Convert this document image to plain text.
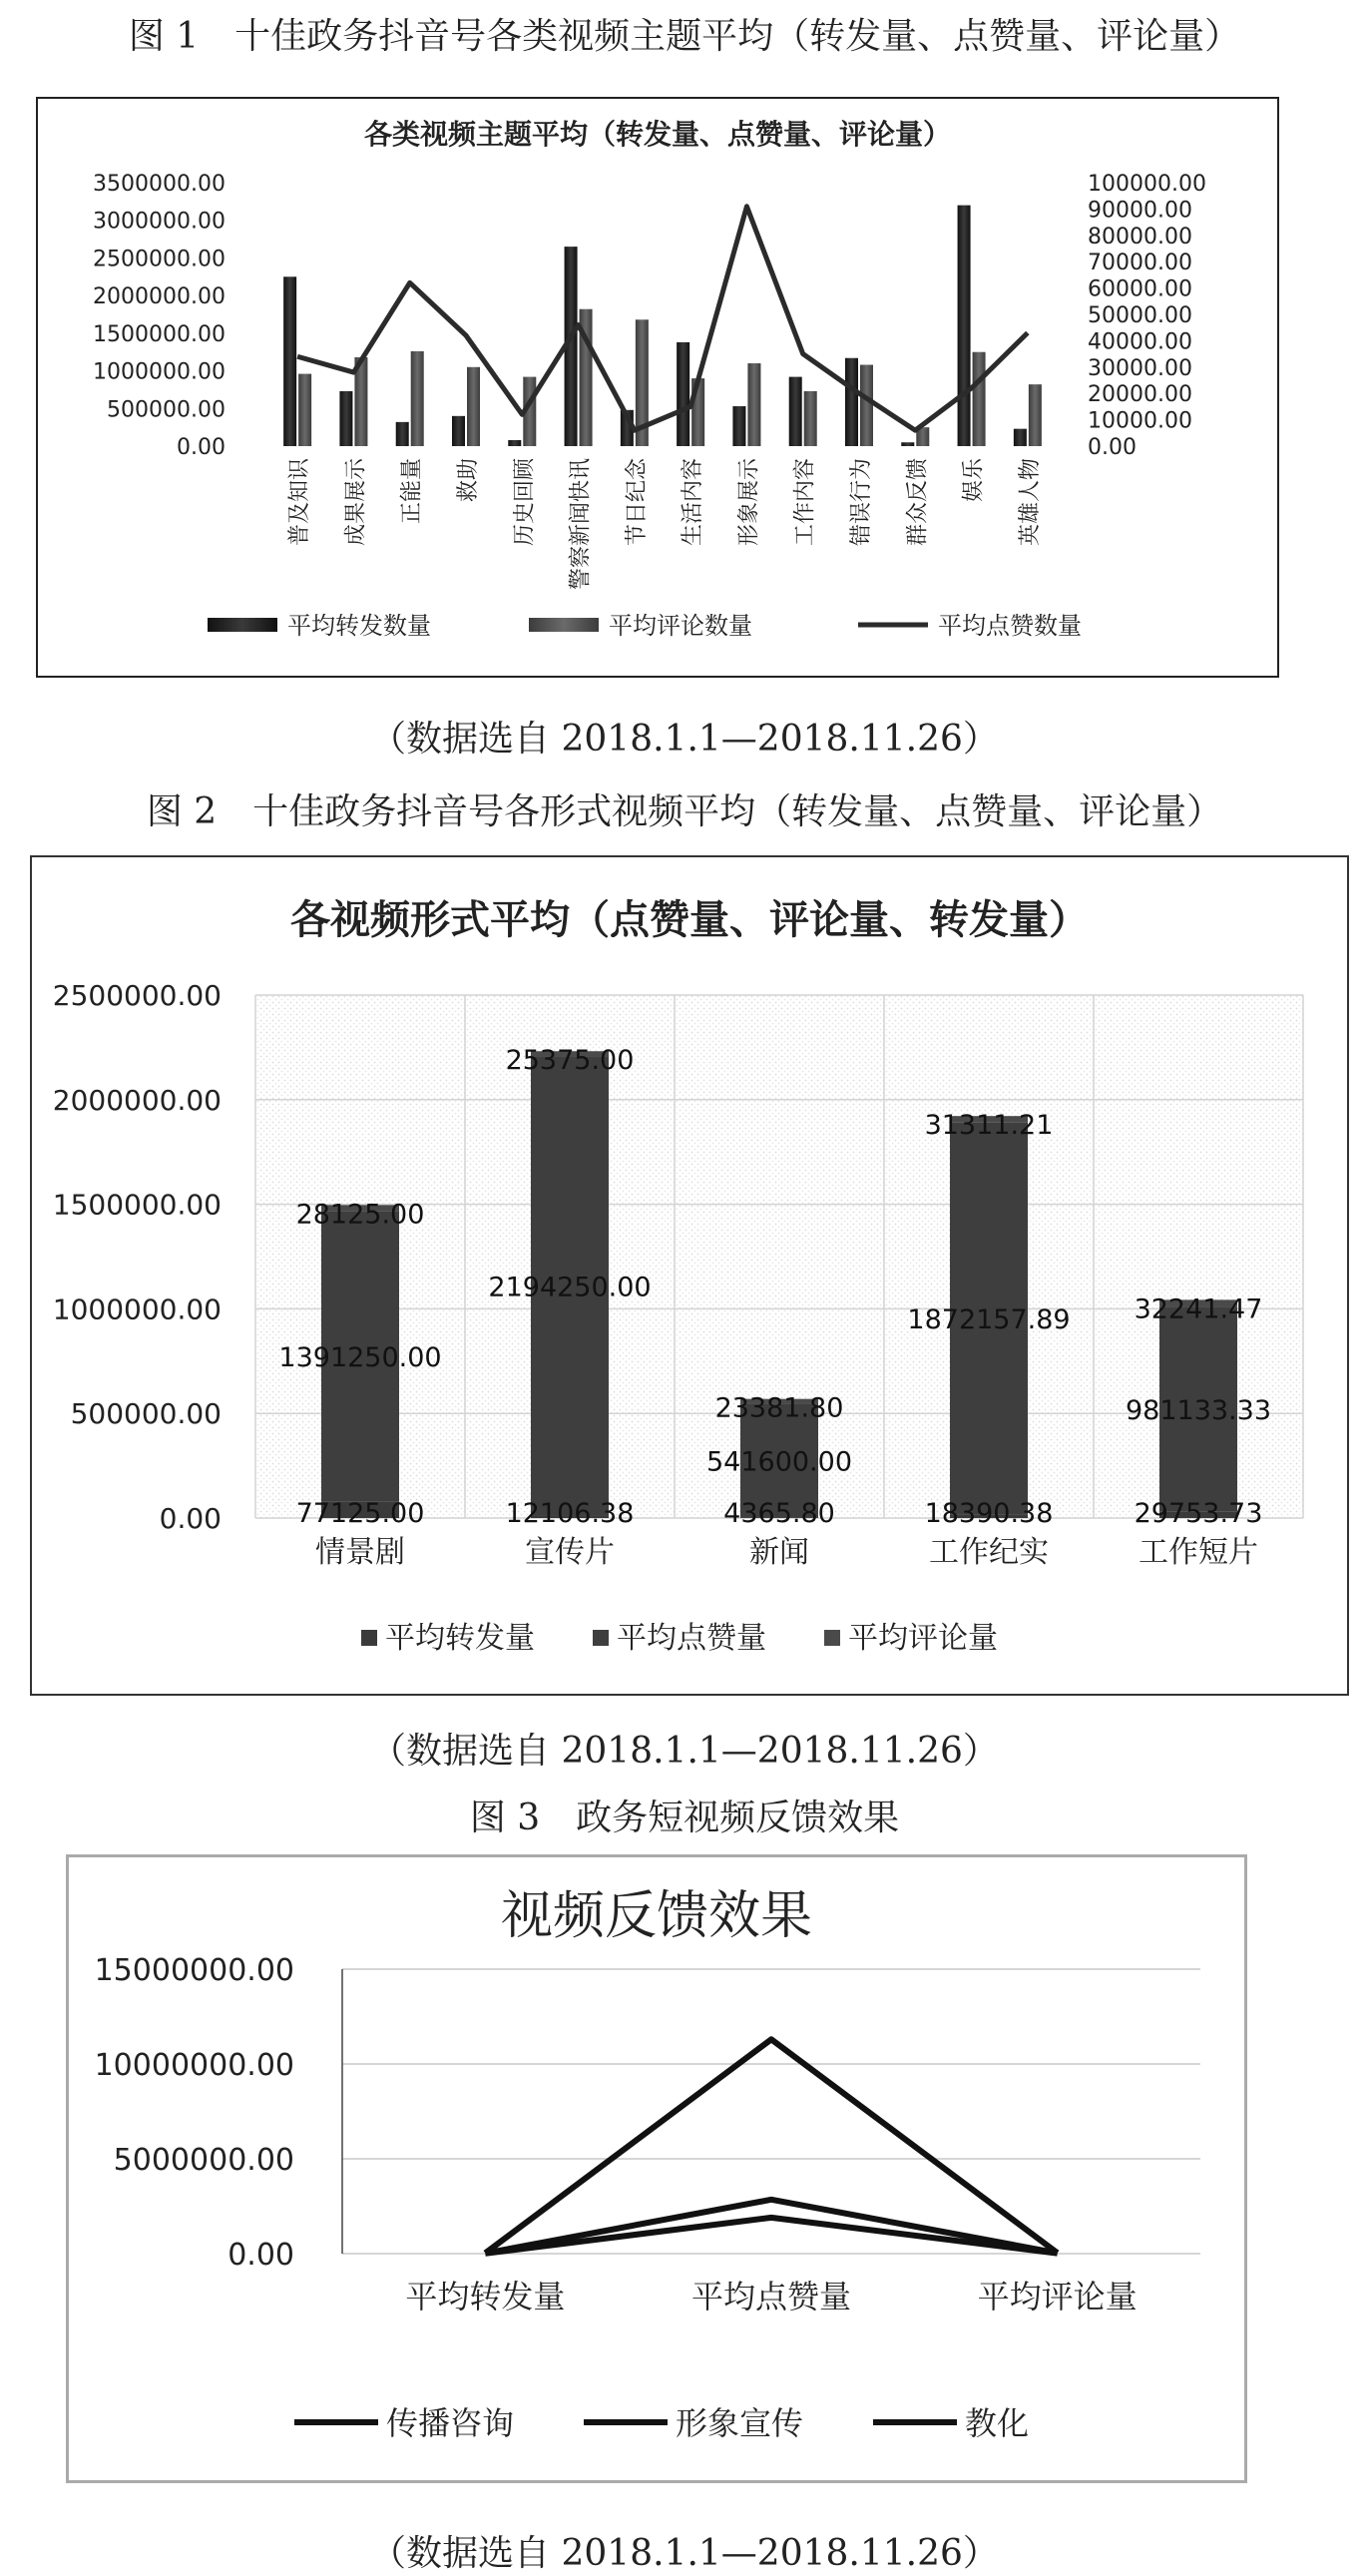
图 1　十佳政务抖音号各类视频主题平均（转发量、点赞量、评论量）
（数据选自 2018.1.1—2018.11.26）
图 2　十佳政务抖音号各形式视频平均（转发量、点赞量、评论量）
（数据选自 2018.1.1—2018.11.26）
图 3　政务短视频反馈效果
（数据选自 2018.1.1—2018.11.26）
各类视频主题平均（转发量、点赞量、评论量）
3500000.00
3000000.00
2500000.00
2000000.00
1500000.00
1000000.00
500000.00
0.00
100000.00
90000.00
80000.00
70000.00
60000.00
50000.00
40000.00
30000.00
20000.00
10000.00
0.00
普及知识 成果展示 正能量 救助 历史回顾 警察新闻快讯 节日纪念 生活内容 形象展示 工作内容 错误行为 群众反馈 娱乐 英雄人物
平均转发数量	平均评论数量	平均点赞数量
各视频形式平均（点赞量、评论量、转发量）
2500000.00
2000000.00
1500000.00
1000000.00
500000.00
0.00
情景剧
77125.00
1391250.00
28125.00
宣传片
12106.38
2194250.00
25375.00
新闻
4365.80
541600.00
23381.80
工作纪实
18390.38
1872157.89
31311.21
工作短片
29753.73
981133.33
32241.47
平均转发量	平均点赞量	平均评论量
视频反馈效果
15000000.00
10000000.00
5000000.00
0.00
平均转发量	平均点赞量	平均评论量
传播咨询	形象宣传	教化
